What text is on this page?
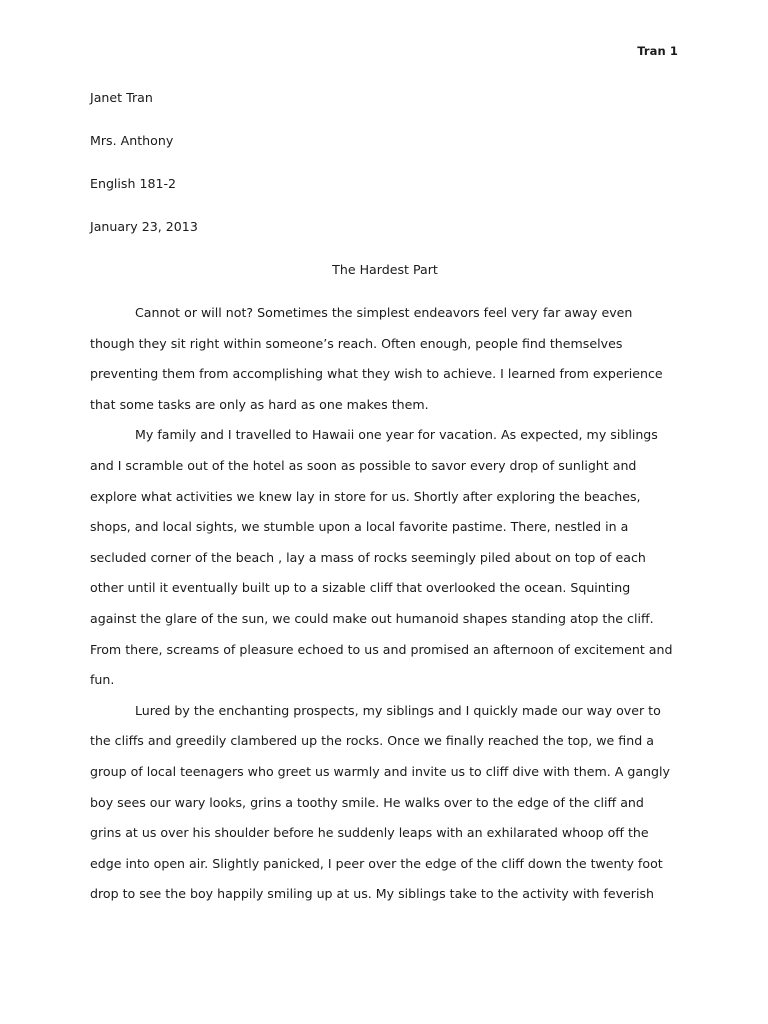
Tran 1
Janet Tran
Mrs. Anthony
English 181-2
January 23, 2013
The Hardest Part
Cannot or will not? Sometimes the simplest endeavors feel very far away even
though they sit right within someone’s reach. Often enough, people find themselves
preventing them from accomplishing what they wish to achieve. I learned from experience
that some tasks are only as hard as one makes them.
My family and I travelled to Hawaii one year for vacation. As expected, my siblings
and I scramble out of the hotel as soon as possible to savor every drop of sunlight and
explore what activities we knew lay in store for us. Shortly after exploring the beaches,
shops, and local sights, we stumble upon a local favorite pastime. There, nestled in a
secluded corner of the beach , lay a mass of rocks seemingly piled about on top of each
other until it eventually built up to a sizable cliff that overlooked the ocean. Squinting
against the glare of the sun, we could make out humanoid shapes standing atop the cliff.
From there, screams of pleasure echoed to us and promised an afternoon of excitement and
fun.
Lured by the enchanting prospects, my siblings and I quickly made our way over to
the cliffs and greedily clambered up the rocks. Once we finally reached the top, we find a
group of local teenagers who greet us warmly and invite us to cliff dive with them. A gangly
boy sees our wary looks, grins a toothy smile. He walks over to the edge of the cliff and
grins at us over his shoulder before he suddenly leaps with an exhilarated whoop off the
edge into open air. Slightly panicked, I peer over the edge of the cliff down the twenty foot
drop to see the boy happily smiling up at us. My siblings take to the activity with feverish
